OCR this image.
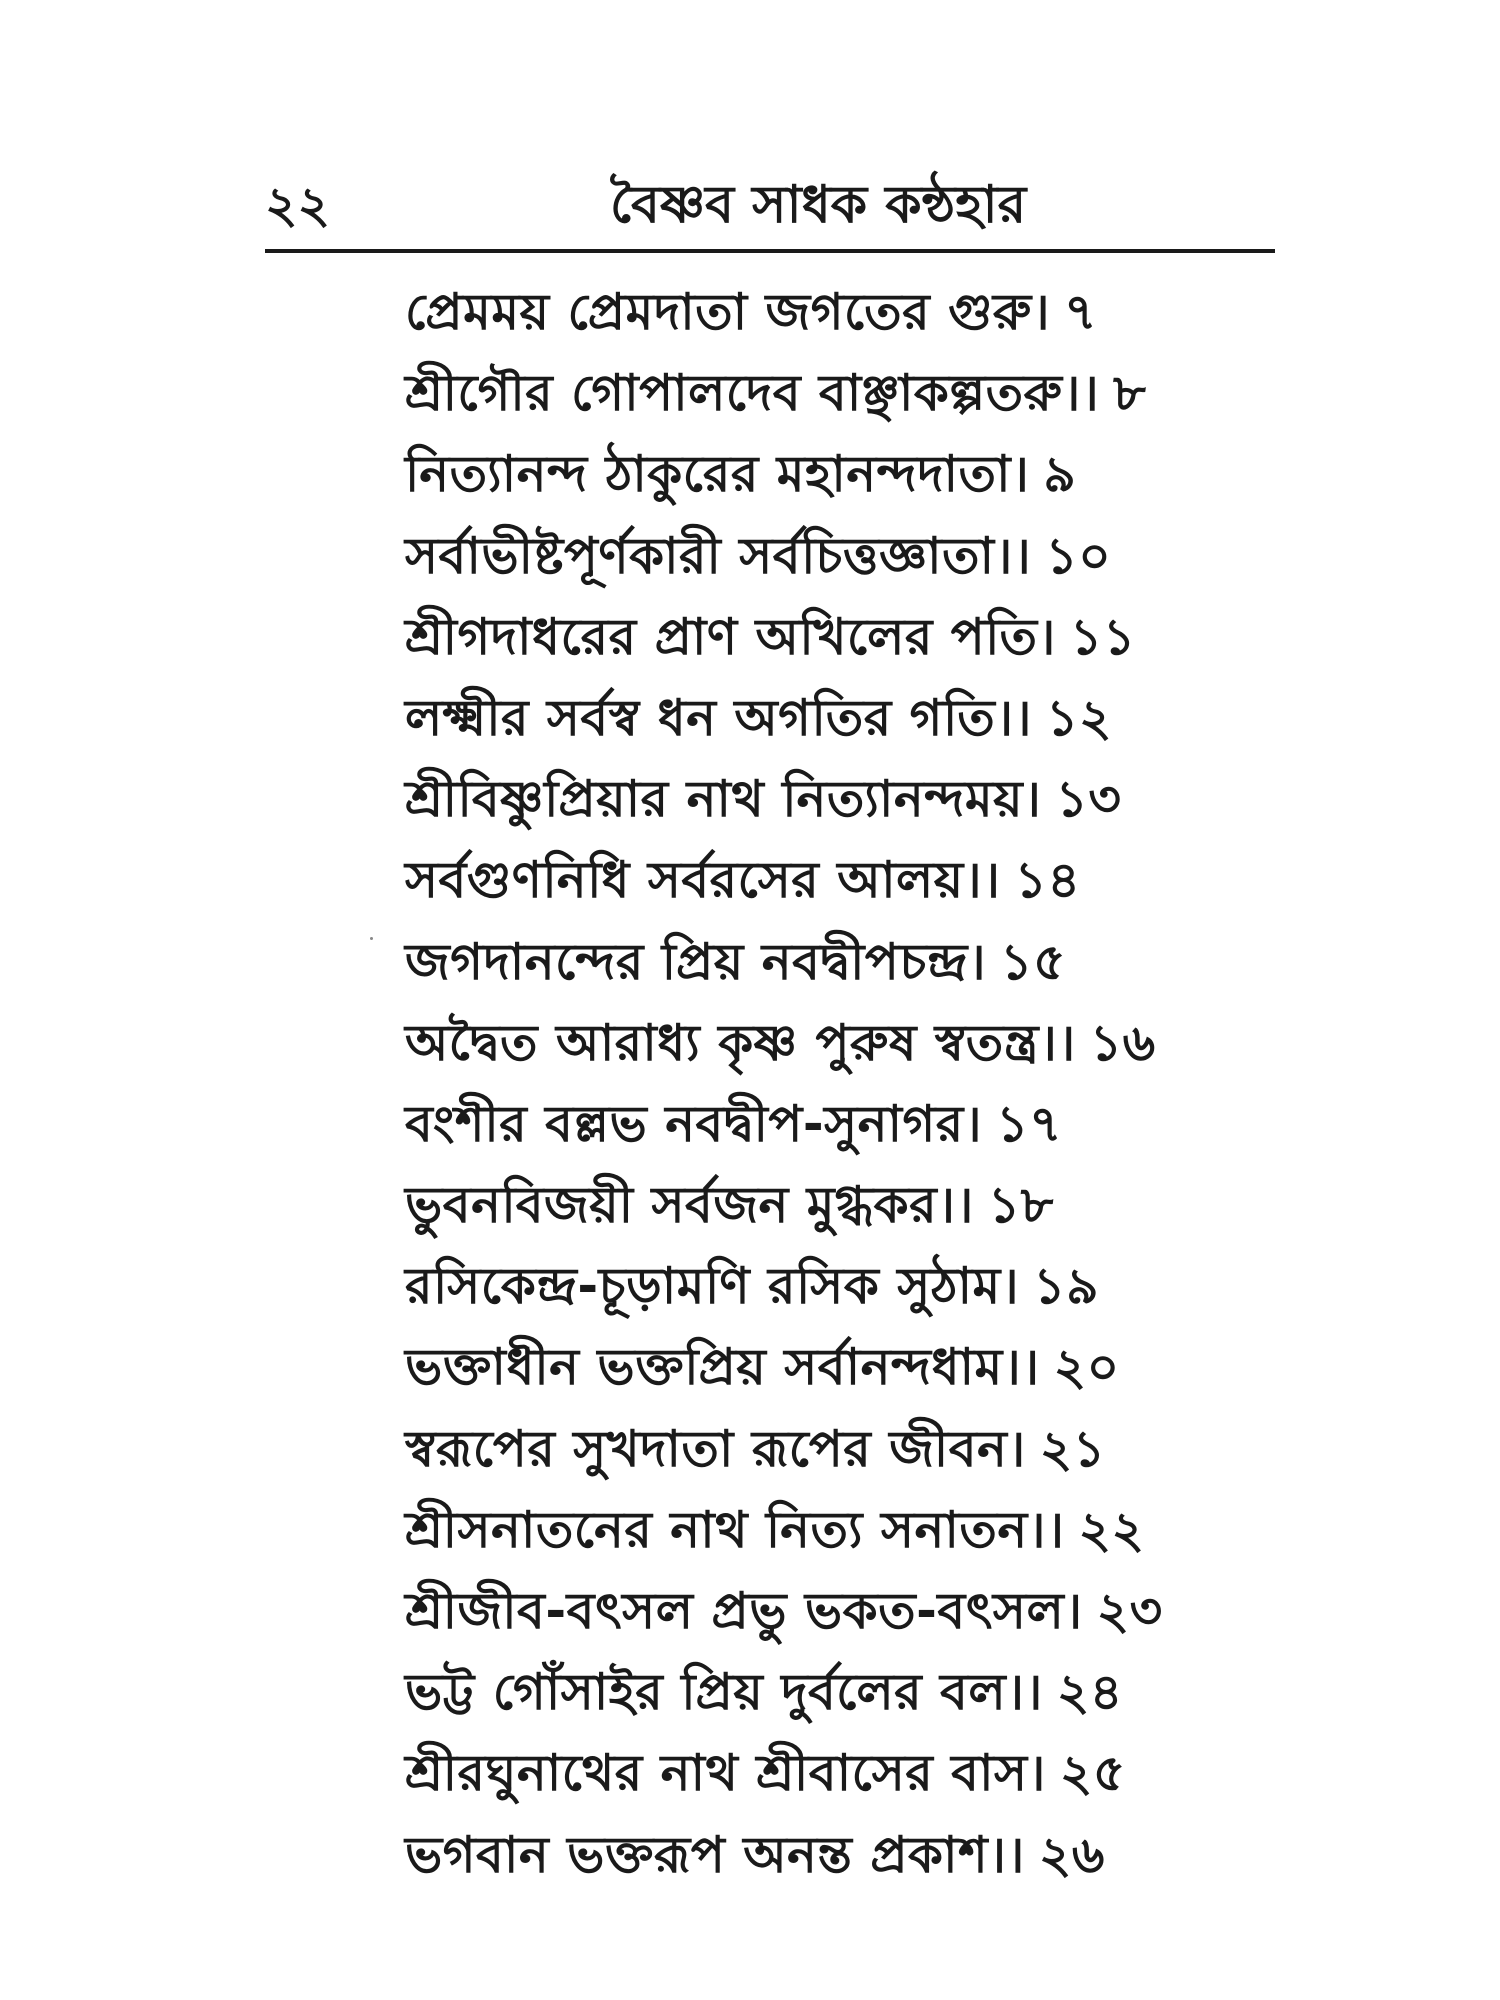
২২	বৈষ্ণব সাধক কন্ঠহার
প্রেমময় প্রেমদাতা জগতের গুরু। ৭
শ্রীগৌর গোপালদেব বাঞ্ছাকল্পতরু।। ৮
নিত্যানন্দ ঠাকুরের মহানন্দদাতা। ৯
সর্বাভীষ্টপূর্ণকারী সর্বচিত্তজ্ঞাতা।। ১০
শ্রীগদাধরের প্রাণ অখিলের পতি। ১১
লক্ষ্মীর সর্বস্ব ধন অগতির গতি।। ১২
শ্রীবিষ্ণুপ্রিয়ার নাথ নিত্যানন্দময়। ১৩
সর্বগুণনিধি সর্বরসের আলয়।। ১৪
জগদানন্দের প্রিয় নবদ্বীপচন্দ্র। ১৫
অদ্বৈত আরাধ্য কৃষ্ণ পুরুষ স্বতন্ত্র।। ১৬
বংশীর বল্লভ নবদ্বীপ-সুনাগর। ১৭
ভুবনবিজয়ী সর্বজন মুগ্ধকর।। ১৮
রসিকেন্দ্র-চূড়ামণি রসিক সুঠাম। ১৯
ভক্তাধীন ভক্তপ্রিয় সর্বানন্দধাম।। ২০
স্বরূপের সুখদাতা রূপের জীবন। ২১
শ্রীসনাতনের নাথ নিত্য সনাতন।। ২২
শ্রীজীব-বৎসল প্রভু ভকত-বৎসল। ২৩
ভট্ট গোঁসাইর প্রিয় দুর্বলের বল।। ২৪
শ্রীরঘুনাথের নাথ শ্রীবাসের বাস। ২৫
ভগবান ভক্তরূপ অনন্ত প্রকাশ।। ২৬
